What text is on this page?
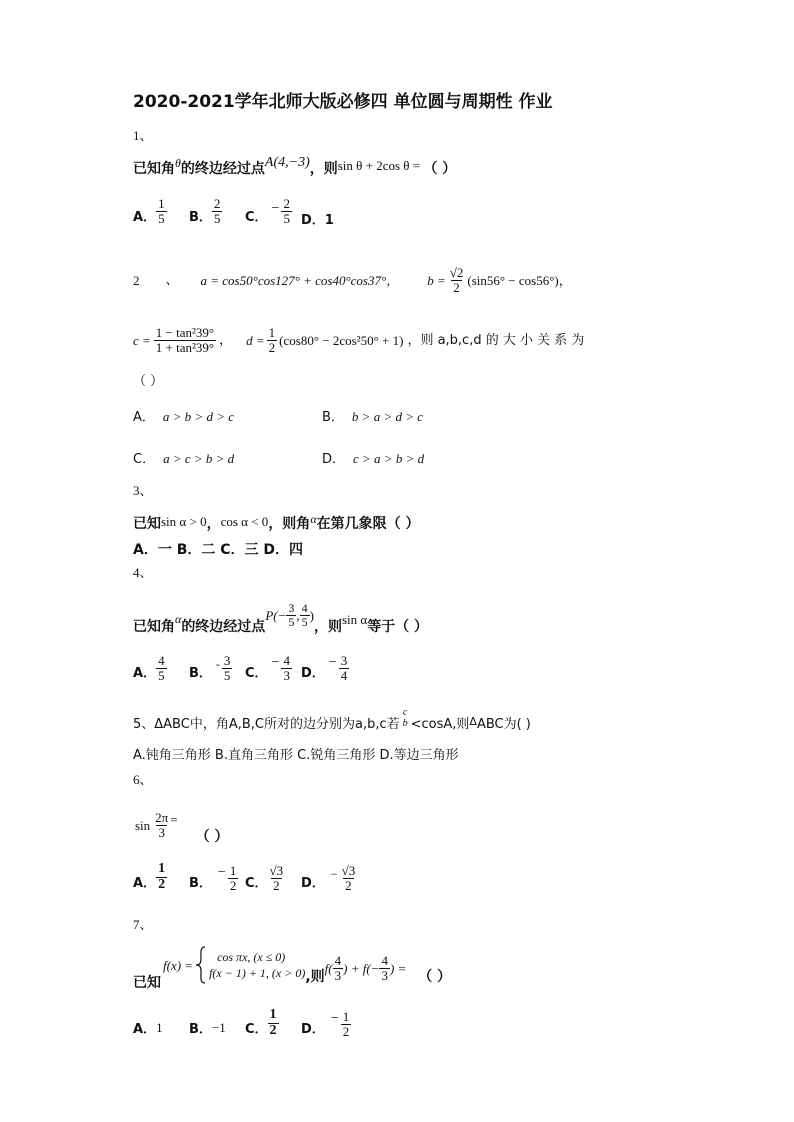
2020-2021学年北师大版必修四 单位圆与周期性 作业
1、
已知角$^\theta$的终边经过点A(4,−3)，则sin θ + 2cos θ = （ ）
A． $\frac{1}{5}$ B． $\frac{2}{5}$ C．
− $\frac{2}{5}$ D．1
2 、 a = cos50°cos127° + cos40°cos37°， $b = \frac{√2}{2} (\sin 56^\circ - \cos 56^\circ)$，
$c = \frac{\text{1 − tan²39°}}{\text{1 + tan²39°}}$ ， $d = \frac{1}{2} (\cos 80^\circ - 2\cos^250^\circ + 1)$ ，则 a,b,c,d 的 大 小 关 系 为
（ ）
A． a > b > d > c	B． b > a > d > c
C． a > c > b > d	D． c > a > b > d
3、
已知sin α > 0，cos α < 0，则角$^\alpha$在第几象限（ ）
A．一 B．二 C．三 D．四
4、
已知角 α 的终边经过点
$P(- \frac{3}{5}$ , $\frac{4}{5}$ )
，则 sin α 等于（ ）
A． $\frac{4}{5}$ B．
- $\frac{3}{5}$ C．
− $\frac{4}{3}$ D．
− $\frac{3}{4}$
5、ΔABC中，角A,B,C所对的边分别为a,b,c若
c
b <cosA,则 Δ ABC为( )
A.钝角三角形 B.直角三角形 C.锐角三角形 D.等边三角形
6、
$\sin \frac{2\pi}{3}$ =
（ ）
A． $\frac{1}{2}$ B．
− $\frac{1}{2}$ C． $\frac{√3}{2}$ D．
− $\frac{√3}{2}$
7、
已知
f(x) =
cos πx, (x ≤ 0)
f(x − 1) + 1, (x > 0) ,则
$f( \frac{4}{3}$ ) + $f(- \frac{4}{3}$ ) =
（ ）
A． 1 B． −1 C． $\frac{1}{2}$ D．
− $\frac{1}{2}$
